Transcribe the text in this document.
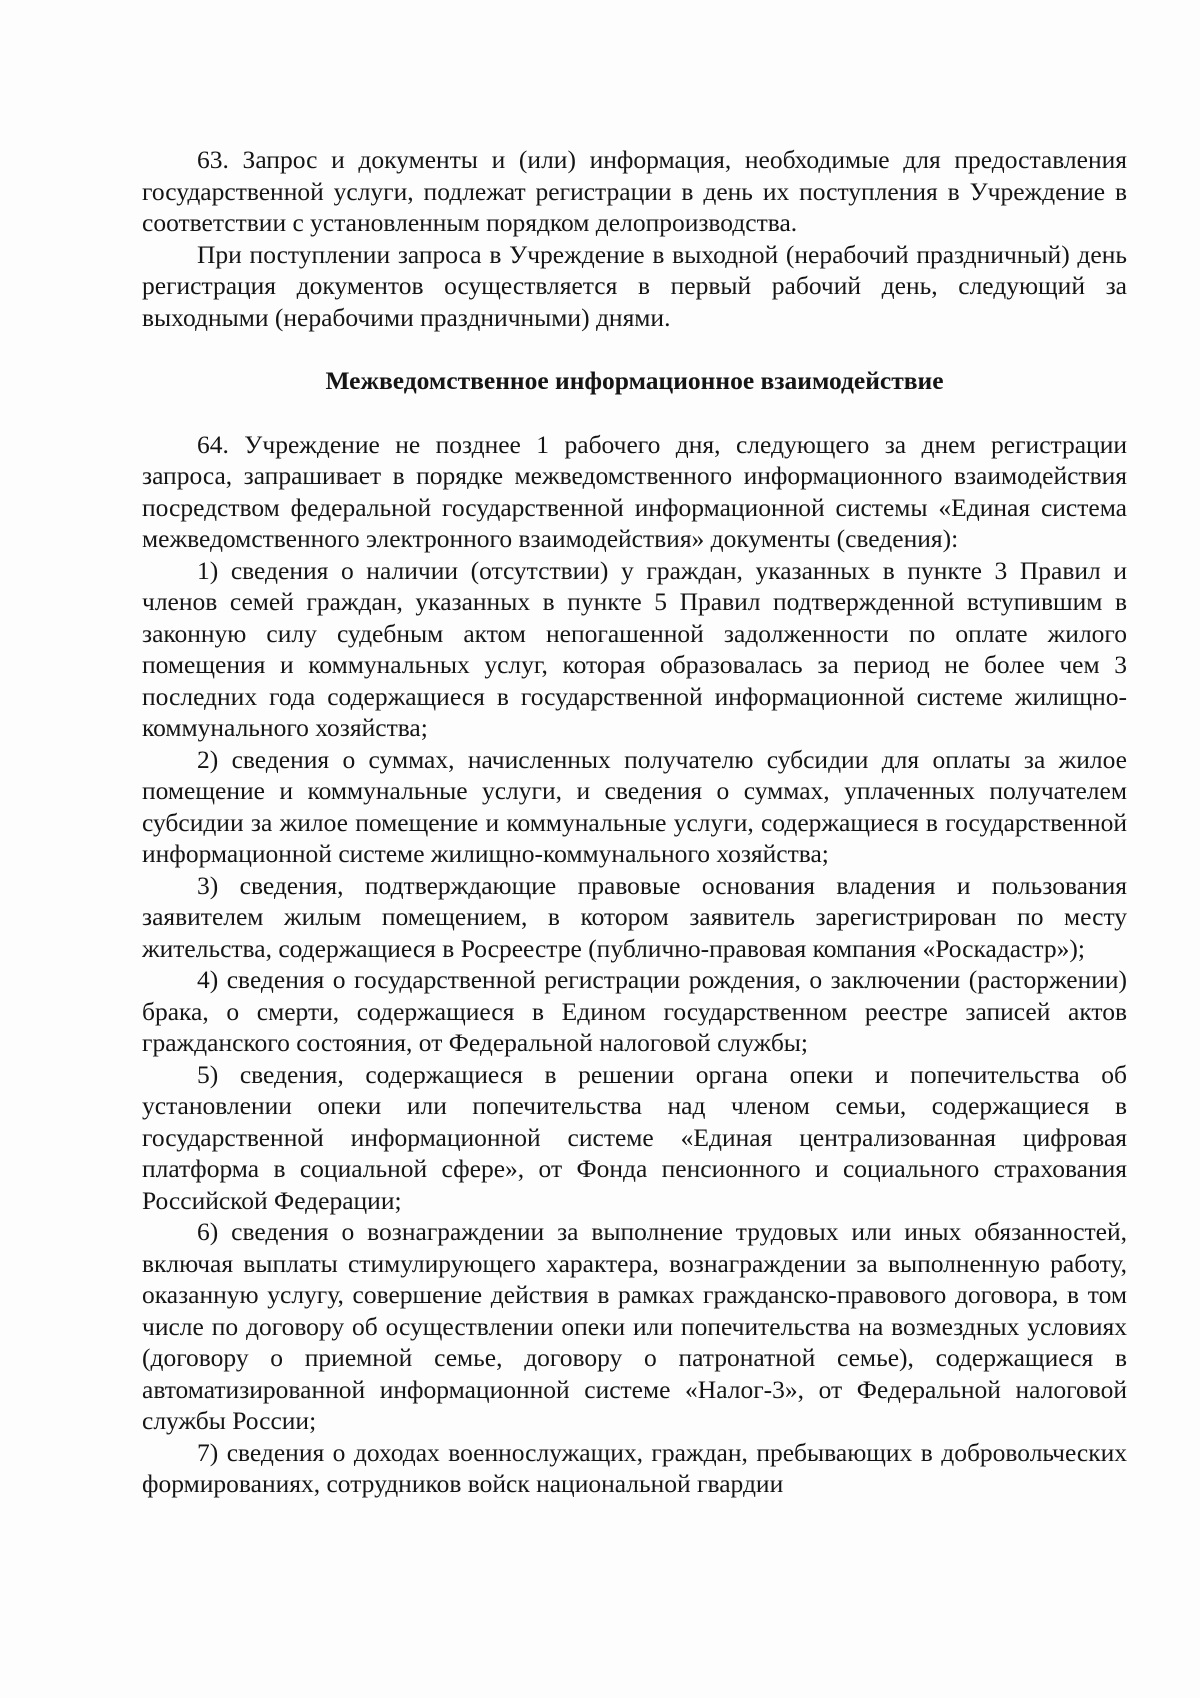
63. Запрос и документы и (или) информация, необходимые для предоставления государственной услуги, подлежат регистрации в день их поступления в Учреждение в соответствии с установленным порядком делопроизводства.

При поступлении запроса в Учреждение в выходной (нерабочий праздничный) день регистрация документов осуществляется в первый рабочий день, следующий за выходными (нерабочими праздничными) днями.

Межведомственное информационное взаимодействие

64. Учреждение не позднее 1 рабочего дня, следующего за днем регистрации запроса, запрашивает в порядке межведомственного информационного взаимодействия посредством федеральной государственной информационной системы «Единая система межведомственного электронного взаимодействия» документы (сведения):

1) сведения о наличии (отсутствии) у граждан, указанных в пункте 3 Правил и членов семей граждан, указанных в пункте 5 Правил подтвержденной вступившим в законную силу судебным актом непогашенной задолженности по оплате жилого помещения и коммунальных услуг, которая образовалась за период не более чем 3 последних года содержащиеся в государственной информационной системе жилищно-коммунального хозяйства;

2) сведения о суммах, начисленных получателю субсидии для оплаты за жилое помещение и коммунальные услуги, и сведения о суммах, уплаченных получателем субсидии за жилое помещение и коммунальные услуги, содержащиеся в государственной информационной системе жилищно-коммунального хозяйства;

3) сведения, подтверждающие правовые основания владения и пользования заявителем жилым помещением, в котором заявитель зарегистрирован по месту жительства, содержащиеся в Росреестре (публично-правовая компания «Роскадастр»);

4) сведения о государственной регистрации рождения, о заключении (расторжении) брака, о смерти, содержащиеся в Едином государственном реестре записей актов гражданского состояния, от Федеральной налоговой службы;

5) сведения, содержащиеся в решении органа опеки и попечительства об установлении опеки или попечительства над членом семьи, содержащиеся в государственной информационной системе «Единая централизованная цифровая платформа в социальной сфере», от Фонда пенсионного и социального страхования Российской Федерации;

6) сведения о вознаграждении за выполнение трудовых или иных обязанностей, включая выплаты стимулирующего характера, вознаграждении за выполненную работу, оказанную услугу, совершение действия в рамках гражданско-правового договора, в том числе по договору об осуществлении опеки или попечительства на возмездных условиях (договору о приемной семье, договору о патронатной семье), содержащиеся в автоматизированной информационной системе «Налог-3», от Федеральной налоговой службы России;

7) сведения о доходах военнослужащих, граждан, пребывающих в добровольческих формированиях, сотрудников войск национальной гвардии
